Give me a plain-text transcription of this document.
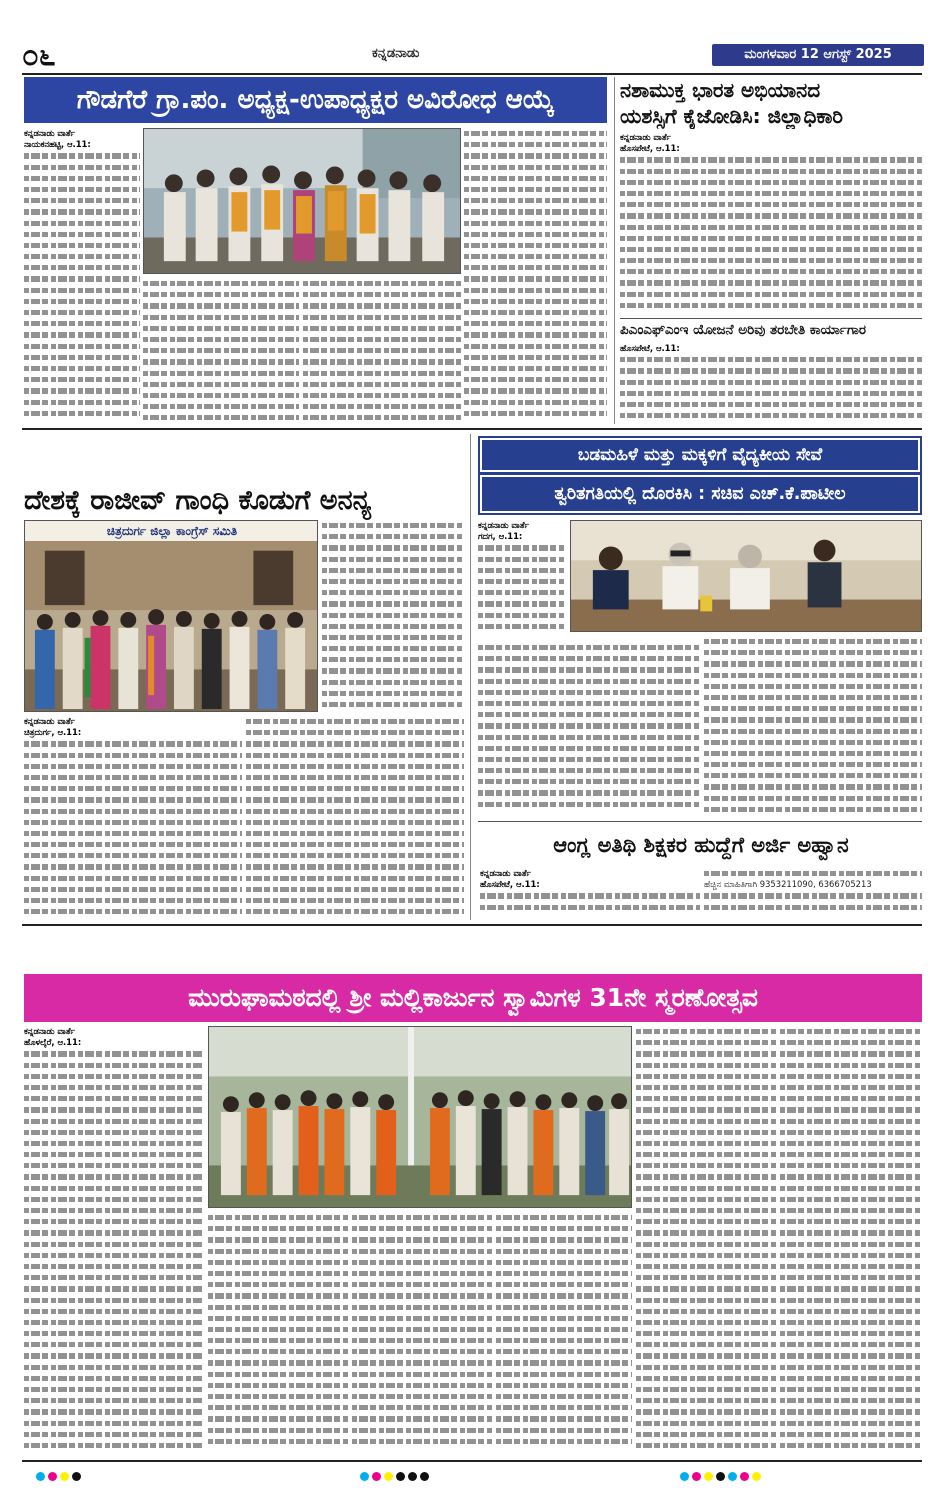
೦೬	ಕನ್ನಡನಾಡು	ಮಂಗಳವಾರ 12 ಆಗಸ್ಟ್ 2025
ಗೌಡಗೆರೆ ಗ್ರಾ.ಪಂ. ಅಧ್ಯಕ್ಷ-ಉಪಾಧ್ಯಕ್ಷರ ಅವಿರೋಧ ಆಯ್ಕೆ
ಕನ್ನಡನಾಡು ವಾರ್ತೆ
ನಾಯಕನಹಟ್ಟಿ, ಆ.11:
ನಶಾಮುಕ್ತ ಭಾರತ ಅಭಿಯಾನದ
ಯಶಸ್ಸಿಗೆ ಕೈಜೋಡಿಸಿ: ಜಿಲ್ಲಾಧಿಕಾರಿ
ಕನ್ನಡನಾಡು ವಾರ್ತೆ
ಹೊಸಪೇಟೆ, ಆ.11:
ಪಿಎಂಎಫ್‌ಎಂಇ ಯೋಜನೆ ಅರಿವು ತರಬೇತಿ ಕಾರ್ಯಾಗಾರ
ಹೊಸಪೇಟೆ, ಆ.11:
ದೇಶಕ್ಕೆ ರಾಜೀವ್ ಗಾಂಧಿ ಕೊಡುಗೆ ಅನನ್ಯ
ಚಿತ್ರದುರ್ಗ ಜಿಲ್ಲಾ ಕಾಂಗ್ರೆಸ್ ಸಮಿತಿ
ಕನ್ನಡನಾಡು ವಾರ್ತೆ
ಚಿತ್ರದುರ್ಗ, ಆ.11:
ಬಡಮಹಿಳೆ ಮತ್ತು ಮಕ್ಕಳಿಗೆ ವೈದ್ಯಕೀಯ ಸೇವೆ
ತ್ವರಿತಗತಿಯಲ್ಲಿ ದೊರಕಿಸಿ : ಸಚಿವ ಎಚ್.ಕೆ.ಪಾಟೀಲ
ಕನ್ನಡನಾಡು ವಾರ್ತೆ
ಗದಗ, ಆ.11:
ಆಂಗ್ಲ ಅತಿಥಿ ಶಿಕ್ಷಕರ ಹುದ್ದೆಗೆ ಅರ್ಜಿ ಅಹ್ವಾನ
ಕನ್ನಡನಾಡು ವಾರ್ತೆ
ಹೊಸಪೇಟೆ, ಆ.11:	ಹೆಚ್ಚಿನ ಮಾಹಿತಿಗಾಗಿ 9353211090, 6366705213
ಮುರುಘಾಮಠದಲ್ಲಿ ಶ್ರೀ ಮಲ್ಲಿಕಾರ್ಜುನ ಸ್ವಾಮಿಗಳ 31ನೇ ಸ್ಮರಣೋತ್ಸವ
ಕನ್ನಡನಾಡು ವಾರ್ತೆ
ಹೊಳಲ್ಕೆರೆ, ಆ.11:
